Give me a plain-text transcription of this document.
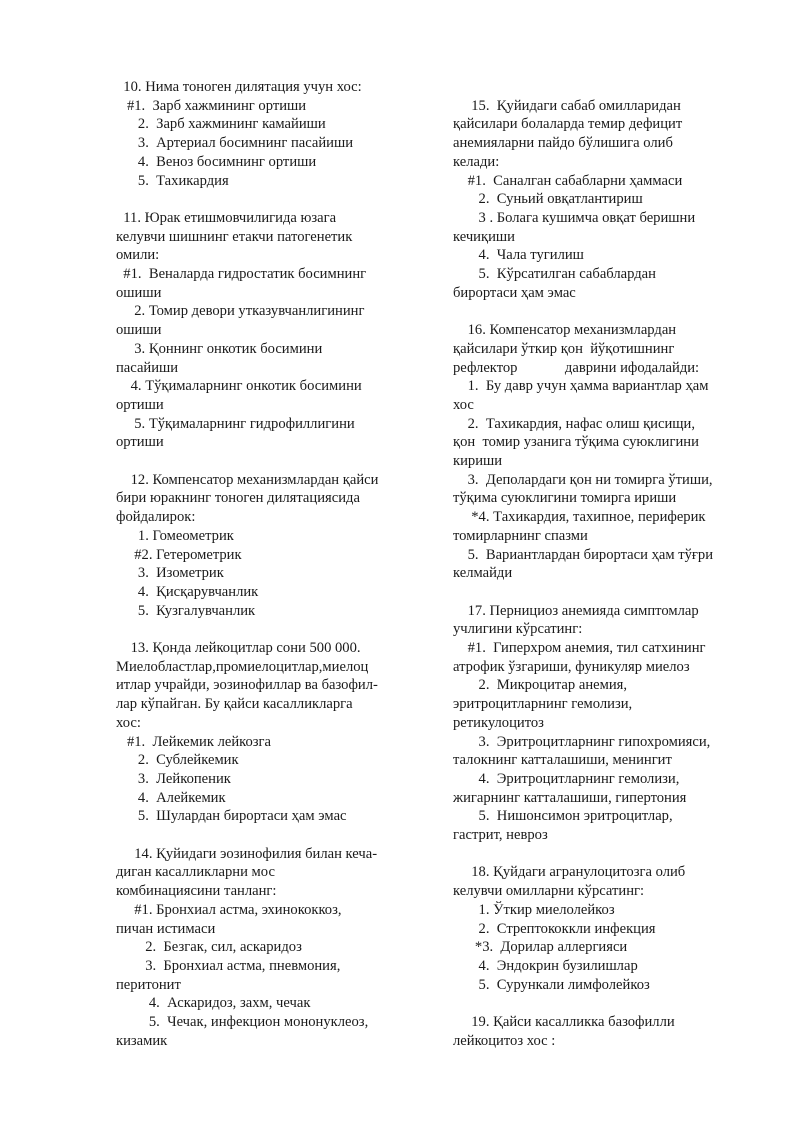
10. Нима тоноген дилятация учун хос:
#1.  Зарб хажмининг ортиши
2.  Зарб хажмининг камайиши
3.  Артериал босимнинг пасайиши
4.  Веноз босимнинг ортиши
5.  Тахикардия
11. Юрак етишмовчилигида юзага
келувчи шишнинг етакчи патогенетик
омили:
#1.  Веналарда гидростатик босимнинг
ошиши
2. Томир девори утказувчанлигининг
ошиши
3. Қоннинг онкотик босимини
пасайиши
4. Тўқималарнинг онкотик босимини
ортиши
5. Тўқималарнинг гидрофиллигини
ортиши
12. Компенсатор механизмлардан қайси
бири юракнинг тоноген дилятациясида
фойдалирок:
1. Гомеометрик
#2. Гетерометрик
3.  Изометрик
4.  Қисқарувчанлик
5.  Кузгалувчанлик
13. Қонда лейкоцитлар сони 500 000.
Миелобластлар,промиелоцитлар,миелоц
итлар учрайди, эозинофиллар ва базофил-
лар кўпайган. Бу қайси касалликларга
хос:
#1.  Лейкемик лейкозга
2.  Сублейкемик
3.  Лейкопеник
4.  Алейкемик
5.  Шулардан бирортаси ҳам эмас
14. Қуйидаги эозинофилия билан кеча-
диган касалликларни мос
комбинациясини танланг:
#1. Бронхиал астма, эхинококкоз,
пичан истимаси
2.  Безгак, сил, аскаридоз
3.  Бронхиал астма, пневмония,
перитонит
4.  Аскаридоз, захм, чечак
5.  Чечак, инфекцион мононуклеоз,
кизамик
15.  Қуйидаги сабаб омилларидан
қайсилари болаларда темир дефицит
анемияларни пайдо бўлишига олиб
келади:
#1.  Саналган сабабларни ҳаммаси
2.  Суньий овқатлантириш
3 . Болага кушимча овқат беришни
кечиқиши
4.  Чала тугилиш
5.  Кўрсатилган сабаблардан
бирортаси ҳам эмас
16. Компенсатор механизмлардан
қайсилари ўткир қон  йўқотишнинг
рефлектор             даврини ифодалайди:
1.  Бу давр учун ҳамма вариантлар ҳам
хос
2.  Тахикардия, нафас олиш қисищи,
қон  томир узанига тўқима суюклигини
кириши
3.  Деполардаги қон ни томирга ўтиши,
тўқима суюклигини томирга ириши
*4. Тахикардия, тахипное, периферик
томирларнинг спазми
5.  Вариантлардан бирортаси ҳам тўғри
келмайди
17. Пернициоз анемияда симптомлар
учлигини кўрсатинг:
#1.  Гиперхром анемия, тил сатхининг
атрофик ўзгариши, фуникуляр миелоз
2.  Микроцитар анемия,
эритроцитларнинг гемолизи,
ретикулоцитоз
3.  Эритроцитларнинг гипохромияси,
талокнинг катталашиши, менингит
4.  Эритроцитларнинг гемолизи,
жигарнинг катталашиши, гипертония
5.  Нишонсимон эритроцитлар,
гастрит, невроз
18. Қуйдаги агранулоцитозга олиб
келувчи омилларни кўрсатинг:
1. Ўткир миелолейкоз
2.  Стрептококкли инфекция
*3.  Дорилар аллергияси
4.  Эндокрин бузилишлар
5.  Сурункали лимфолейкоз
19. Қайси касалликка базофилли
лейкоцитоз хос :
